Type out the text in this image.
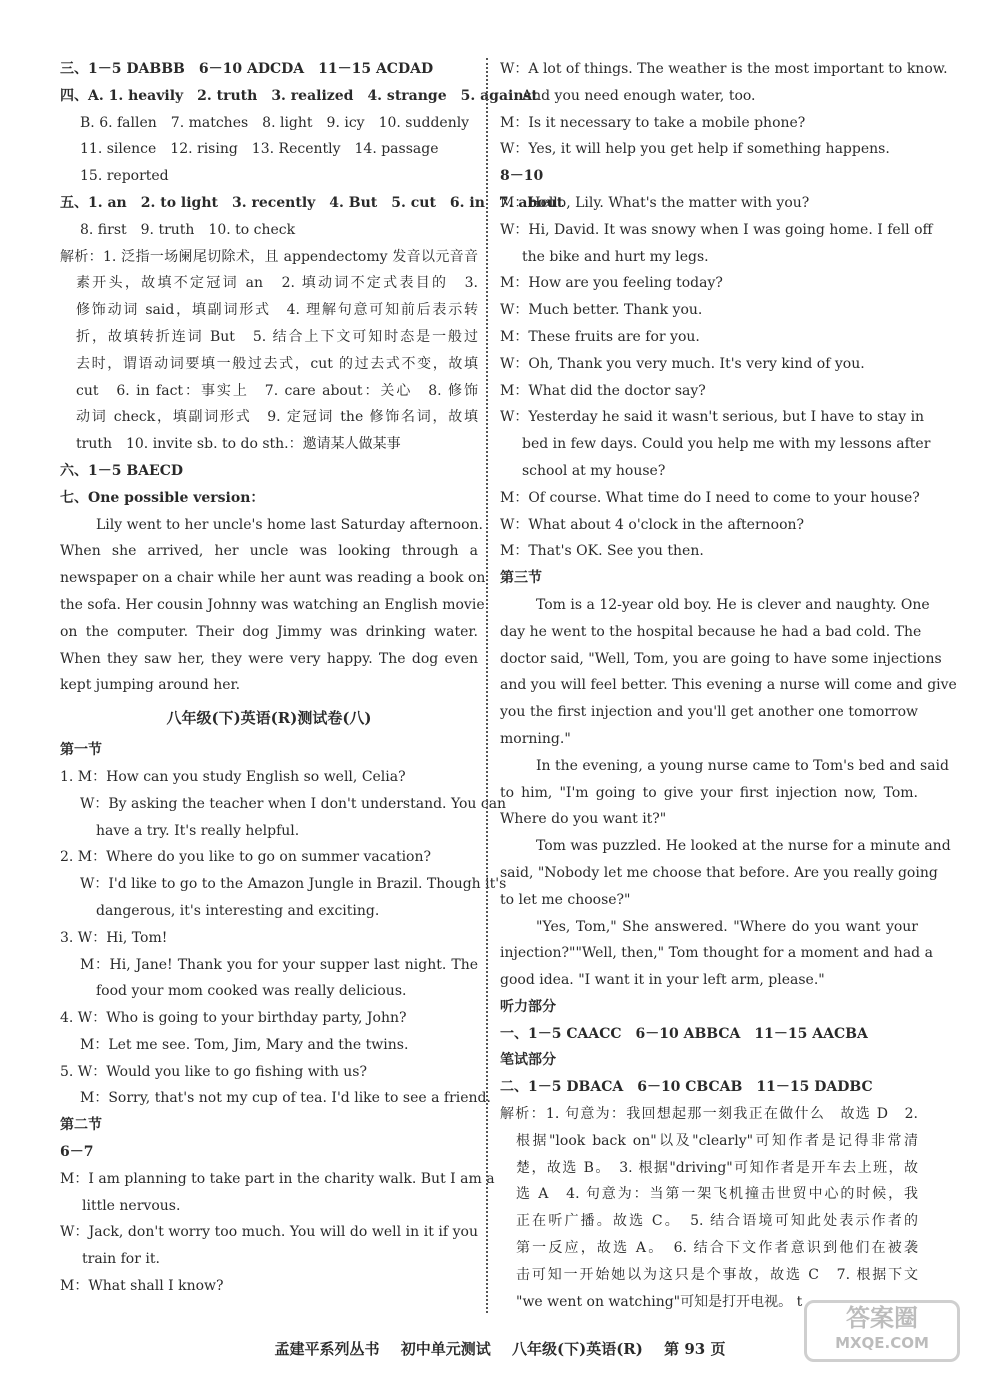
三、1－5 DABBB　6－10 ADCDA　11－15 ACDAD
四、A. 1. heavily　2. truth　3. realized　4. strange　5. against
B. 6. fallen　7. matches　8. light　9. icy　10. suddenly
11. silence　12. rising　13. Recently　14. passage
15. reported
五、1. an　2. to light　3. recently　4. But　5. cut　6. in　7. about
8. first　9. truth　10. to check
解析：1. 泛指一场阑尾切除术，且 appendectomy 发音以元音音
素开头，故填不定冠词 an　2. 填动词不定式表目的　3.
修饰动词 said，填副词形式　4. 理解句意可知前后表示转
折，故填转折连词 But　5. 结合上下文可知时态是一般过
去时，谓语动词要填一般过去式，cut 的过去式不变，故填
cut　6. in fact：事实上　7. care about：关心　8. 修饰
动词 check，填副词形式　9. 定冠词 the 修饰名词，故填
truth　10. invite sb. to do sth.：邀请某人做某事
六、1－5 BAECD
七、One possible version：
Lily went to her uncle's home last Saturday afternoon.
When she arrived, her uncle was looking through a
newspaper on a chair while her aunt was reading a book on
the sofa. Her cousin Johnny was watching an English movie
on the computer. Their dog Jimmy was drinking water.
When they saw her, they were very happy. The dog even
kept jumping around her.
八年级(下)英语(R)测试卷(八)
第一节
1. M：How can you study English so well, Celia?
W：By asking the teacher when I don't understand. You can
have a try. It's really helpful.
2. M：Where do you like to go on summer vacation?
W：I'd like to go to the Amazon Jungle in Brazil. Though it's
dangerous, it's interesting and exciting.
3. W：Hi, Tom!
M：Hi, Jane! Thank you for your supper last night. The
food your mom cooked was really delicious.
4. W：Who is going to your birthday party, John?
M：Let me see. Tom, Jim, Mary and the twins.
5. W：Would you like to go fishing with us?
M：Sorry, that's not my cup of tea. I'd like to see a friend.
第二节
6－7
M：I am planning to take part in the charity walk. But I am a
little nervous.
W：Jack, don't worry too much. You will do well in it if you
train for it.
M：What shall I know?
W：A lot of things. The weather is the most important to know.
And you need enough water, too.
M：Is it necessary to take a mobile phone?
W：Yes, it will help you get help if something happens.
8－10
M：Hello, Lily. What's the matter with you?
W：Hi, David. It was snowy when I was going home. I fell off
the bike and hurt my legs.
M：How are you feeling today?
W：Much better. Thank you.
M：These fruits are for you.
W：Oh, Thank you very much. It's very kind of you.
M：What did the doctor say?
W：Yesterday he said it wasn't serious, but I have to stay in
bed in few days. Could you help me with my lessons after
school at my house?
M：Of course. What time do I need to come to your house?
W：What about 4 o'clock in the afternoon?
M：That's OK. See you then.
第三节
Tom is a 12-year old boy. He is clever and naughty. One
day he went to the hospital because he had a bad cold. The
doctor said, "Well, Tom, you are going to have some injections
and you will feel better. This evening a nurse will come and give
you the first injection and you'll get another one tomorrow
morning."
In the evening, a young nurse came to Tom's bed and said
to him, "I'm going to give your first injection now, Tom.
Where do you want it?"
Tom was puzzled. He looked at the nurse for a minute and
said, "Nobody let me choose that before. Are you really going
to let me choose?"
"Yes, Tom," She answered. "Where do you want your
injection?""Well, then," Tom thought for a moment and had a
good idea. "I want it in your left arm, please."
听力部分
一、1－5 CAACC　6－10 ABBCA　11－15 AACBA
笔试部分
二、1－5 DBACA　6－10 CBCAB　11－15 DADBC
解析：1. 句意为：我回想起那一刻我正在做什么　故选 D　2.
根据"look back on"以及"clearly"可知作者是记得非常清
楚，故选 B。　3. 根据"driving"可知作者是开车去上班，故
选 A　4. 句意为：当第一架飞机撞击世贸中心的时候，我
正在听广播。故选 C。　5. 结合语境可知此处表示作者的
第一反应，故选 A。　6. 结合下文作者意识到他们在被袭
击可知一开始她以为这只是个事故，故选 C　7. 根据下文
"we went on watching"可知是打开电视。 t
孟建平系列丛书 初中单元测试 八年级(下)英语(R) 第 93 页
答案圈
MXQE.COM
